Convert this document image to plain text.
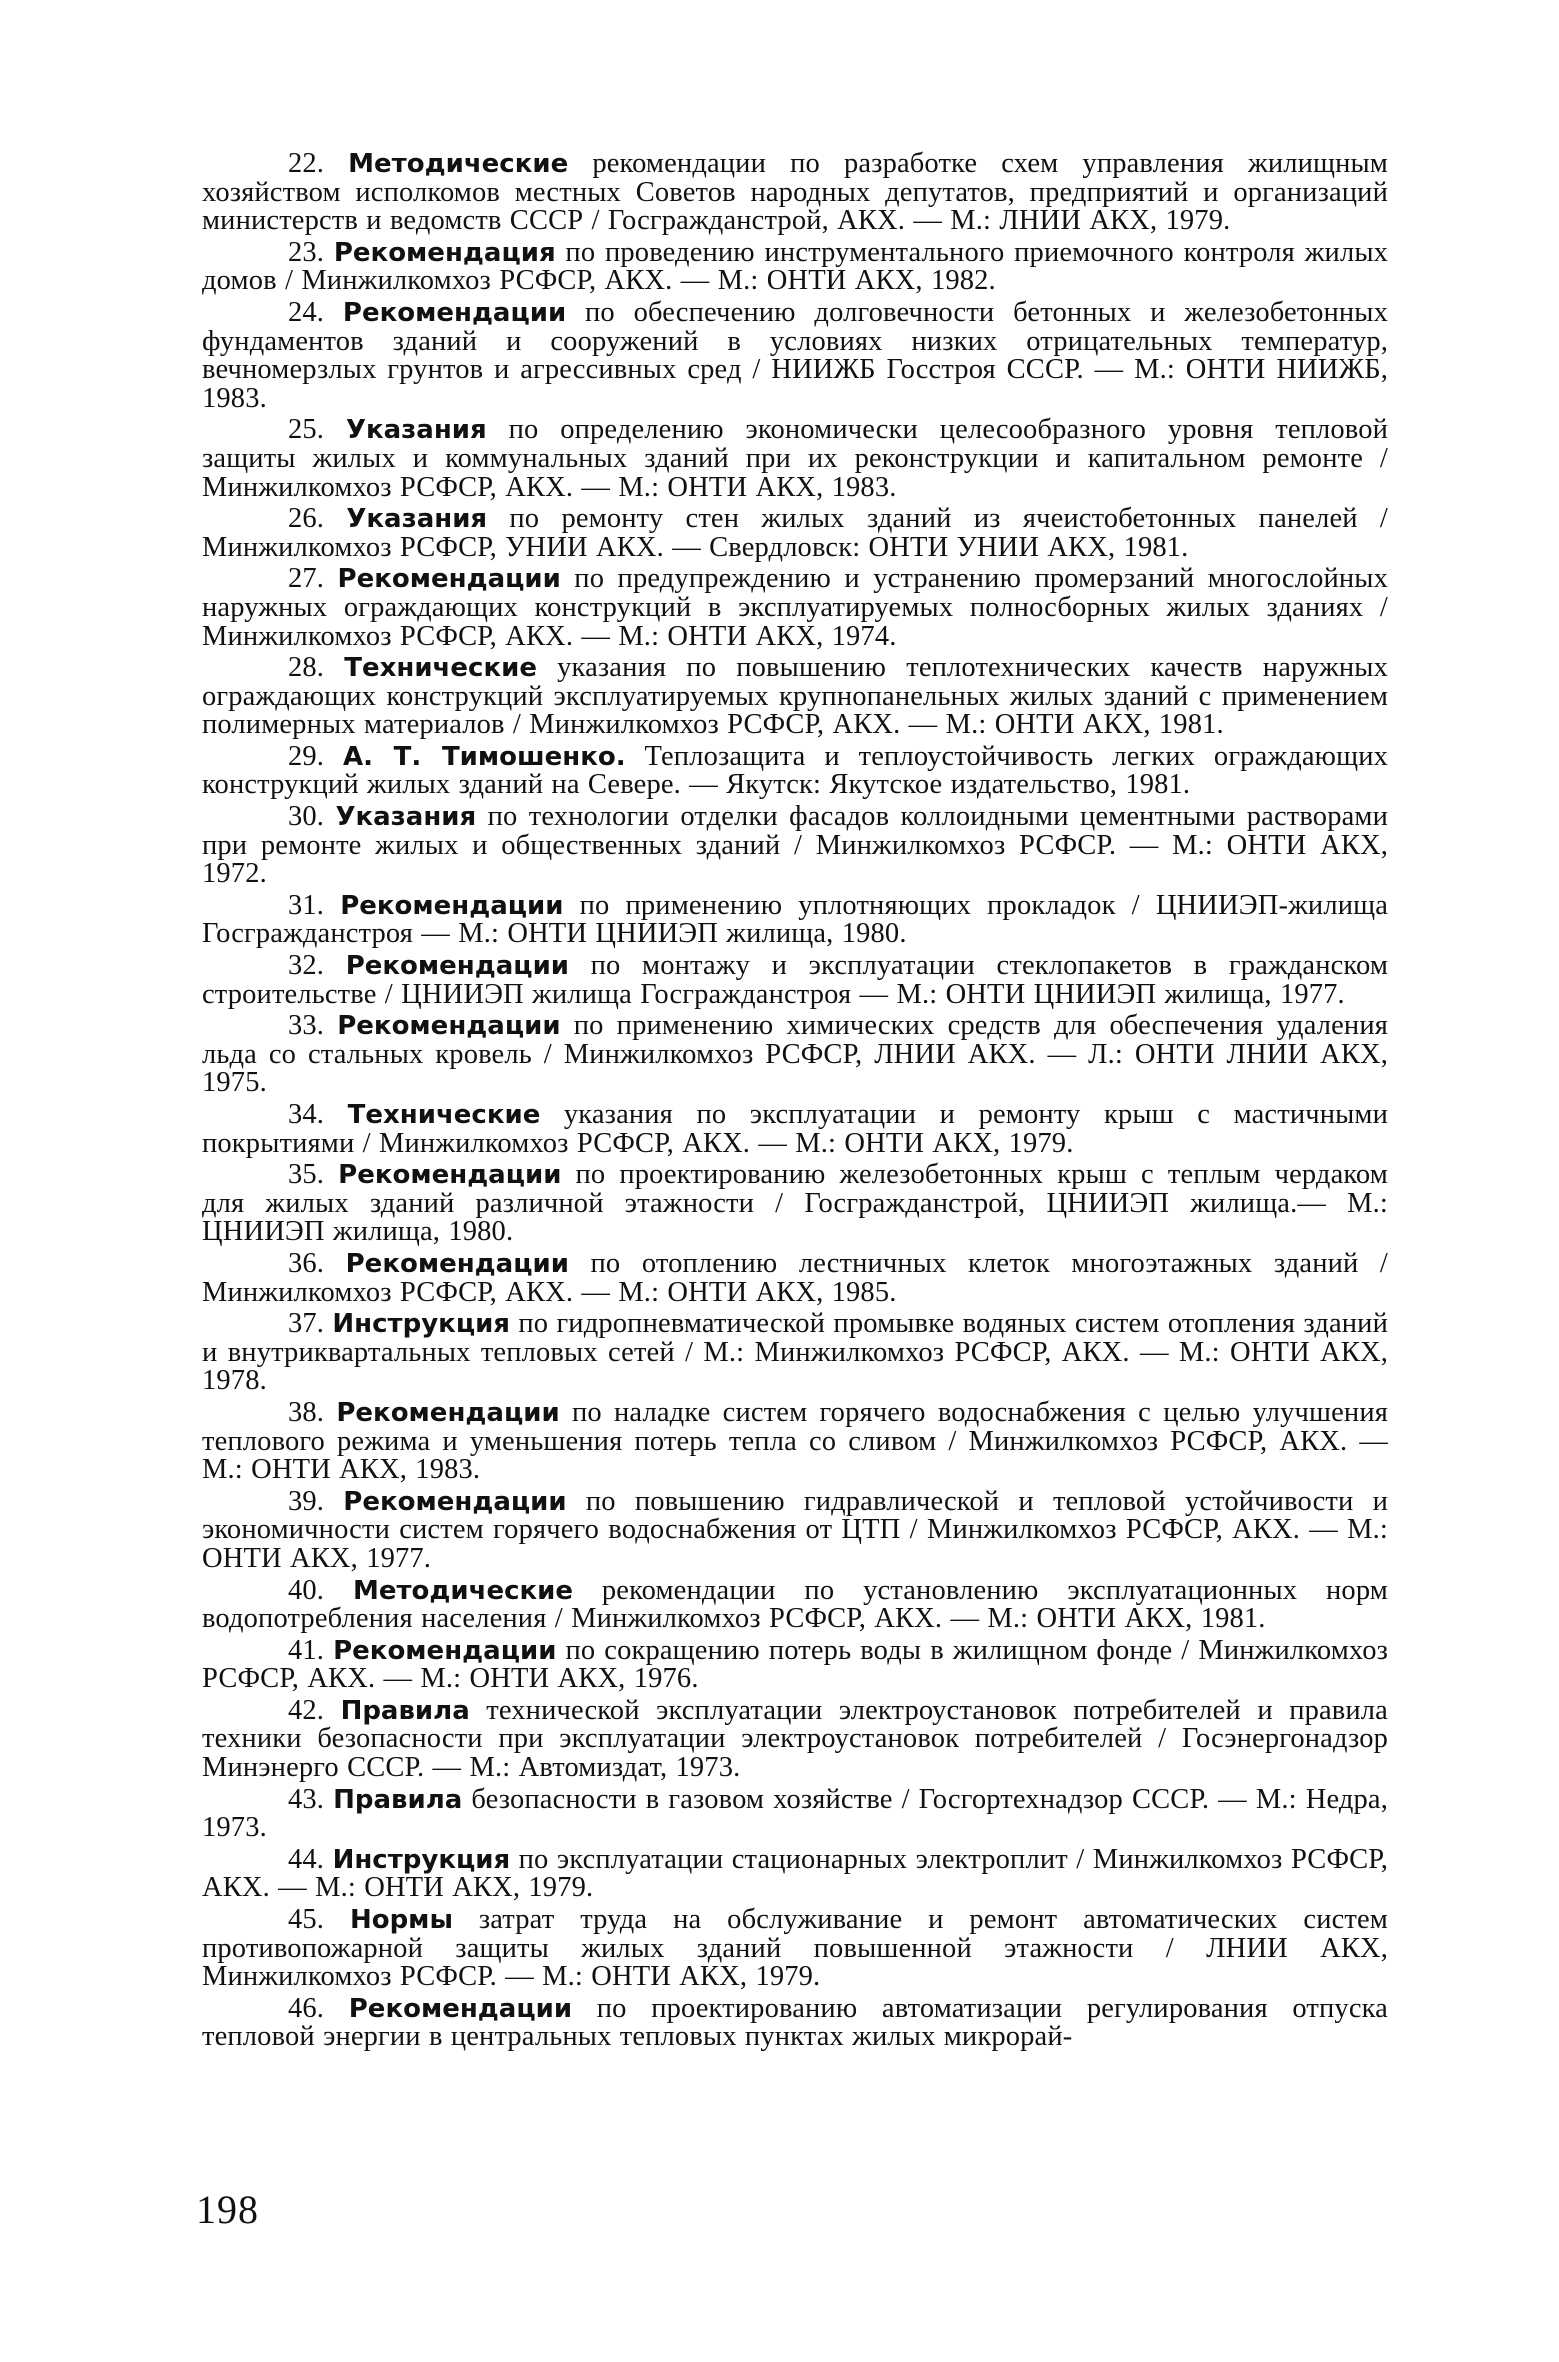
22. Методические рекомендации по разработке схем управления жилищным хозяйством исполкомов местных Советов народных депутатов, предприятий и организаций министерств и ведомств СССР / Госгражданстрой, АКХ. — М.: ЛНИИ АКХ, 1979.
23. Рекомендация по проведению инструментального приемочного контроля жилых домов / Минжилкомхоз РСФСР, АКХ. — М.: ОНТИ АКХ, 1982.
24. Рекомендации по обеспечению долговечности бетонных и железобетонных фундаментов зданий и сооружений в условиях низких отрицательных температур, вечномерзлых грунтов и агрессивных сред / НИИЖБ Госстроя СССР. — М.: ОНТИ НИИЖБ, 1983.
25. Указания по определению экономически целесообразного уровня тепловой защиты жилых и коммунальных зданий при их реконструкции и капитальном ремонте / Минжилкомхоз РСФСР, АКХ. — М.: ОНТИ АКХ, 1983.
26. Указания по ремонту стен жилых зданий из ячеистобетонных панелей / Минжилкомхоз РСФСР, УНИИ АКХ. — Свердловск: ОНТИ УНИИ АКХ, 1981.
27. Рекомендации по предупреждению и устранению промерзаний многослойных наружных ограждающих конструкций в эксплуатируемых полносборных жилых зданиях / Минжилкомхоз РСФСР, АКХ. — М.: ОНТИ АКХ, 1974.
28. Технические указания по повышению теплотехнических качеств наружных ограждающих конструкций эксплуатируемых крупнопанельных жилых зданий с применением полимерных материалов / Минжилкомхоз РСФСР, АКХ. — М.: ОНТИ АКХ, 1981.
29. А. Т. Тимошенко. Теплозащита и теплоустойчивость легких ограждающих конструкций жилых зданий на Севере. — Якутск: Якутское издательство, 1981.
30. Указания по технологии отделки фасадов коллоидными цементными растворами при ремонте жилых и общественных зданий / Минжилкомхоз РСФСР. — М.: ОНТИ АКХ, 1972.
31. Рекомендации по применению уплотняющих прокладок / ЦНИИЭП-жилища Госгражданстроя — М.: ОНТИ ЦНИИЭП жилища, 1980.
32. Рекомендации по монтажу и эксплуатации стеклопакетов в гражданском строительстве / ЦНИИЭП жилища Госгражданстроя — М.: ОНТИ ЦНИИЭП жилища, 1977.
33. Рекомендации по применению химических средств для обеспечения удаления льда со стальных кровель / Минжилкомхоз РСФСР, ЛНИИ АКХ. — Л.: ОНТИ ЛНИИ АКХ, 1975.
34. Технические указания по эксплуатации и ремонту крыш с мастичными покрытиями / Минжилкомхоз РСФСР, АКХ. — М.: ОНТИ АКХ, 1979.
35. Рекомендации по проектированию железобетонных крыш с теплым чердаком для жилых зданий различной этажности / Госгражданстрой, ЦНИИЭП жилища.— М.: ЦНИИЭП жилища, 1980.
36. Рекомендации по отоплению лестничных клеток многоэтажных зданий / Минжилкомхоз РСФСР, АКХ. — М.: ОНТИ АКХ, 1985.
37. Инструкция по гидропневматической промывке водяных систем отопления зданий и внутриквартальных тепловых сетей / М.: Минжилкомхоз РСФСР, АКХ. — М.: ОНТИ АКХ, 1978.
38. Рекомендации по наладке систем горячего водоснабжения с целью улучшения теплового режима и уменьшения потерь тепла со сливом / Минжилкомхоз РСФСР, АКХ. — М.: ОНТИ АКХ, 1983.
39. Рекомендации по повышению гидравлической и тепловой устойчивости и экономичности систем горячего водоснабжения от ЦТП / Минжилкомхоз РСФСР, АКХ. — М.: ОНТИ АКХ, 1977.
40. Методические рекомендации по установлению эксплуатационных норм водопотребления населения / Минжилкомхоз РСФСР, АКХ. — М.: ОНТИ АКХ, 1981.
41. Рекомендации по сокращению потерь воды в жилищном фонде / Минжилкомхоз РСФСР, АКХ. — М.: ОНТИ АКХ, 1976.
42. Правила технической эксплуатации электроустановок потребителей и правила техники безопасности при эксплуатации электроустановок потребителей / Госэнергонадзор Минэнерго СССР. — М.: Автомиздат, 1973.
43. Правила безопасности в газовом хозяйстве / Госгортехнадзор СССР. — М.: Недра, 1973.
44. Инструкция по эксплуатации стационарных электроплит / Минжилкомхоз РСФСР, АКХ. — М.: ОНТИ АКХ, 1979.
45. Нормы затрат труда на обслуживание и ремонт автоматических систем противопожарной защиты жилых зданий повышенной этажности / ЛНИИ АКХ, Минжилкомхоз РСФСР. — М.: ОНТИ АКХ, 1979.
46. Рекомендации по проектированию автоматизации регулирования отпуска тепловой энергии в центральных тепловых пунктах жилых микрорай-
198
